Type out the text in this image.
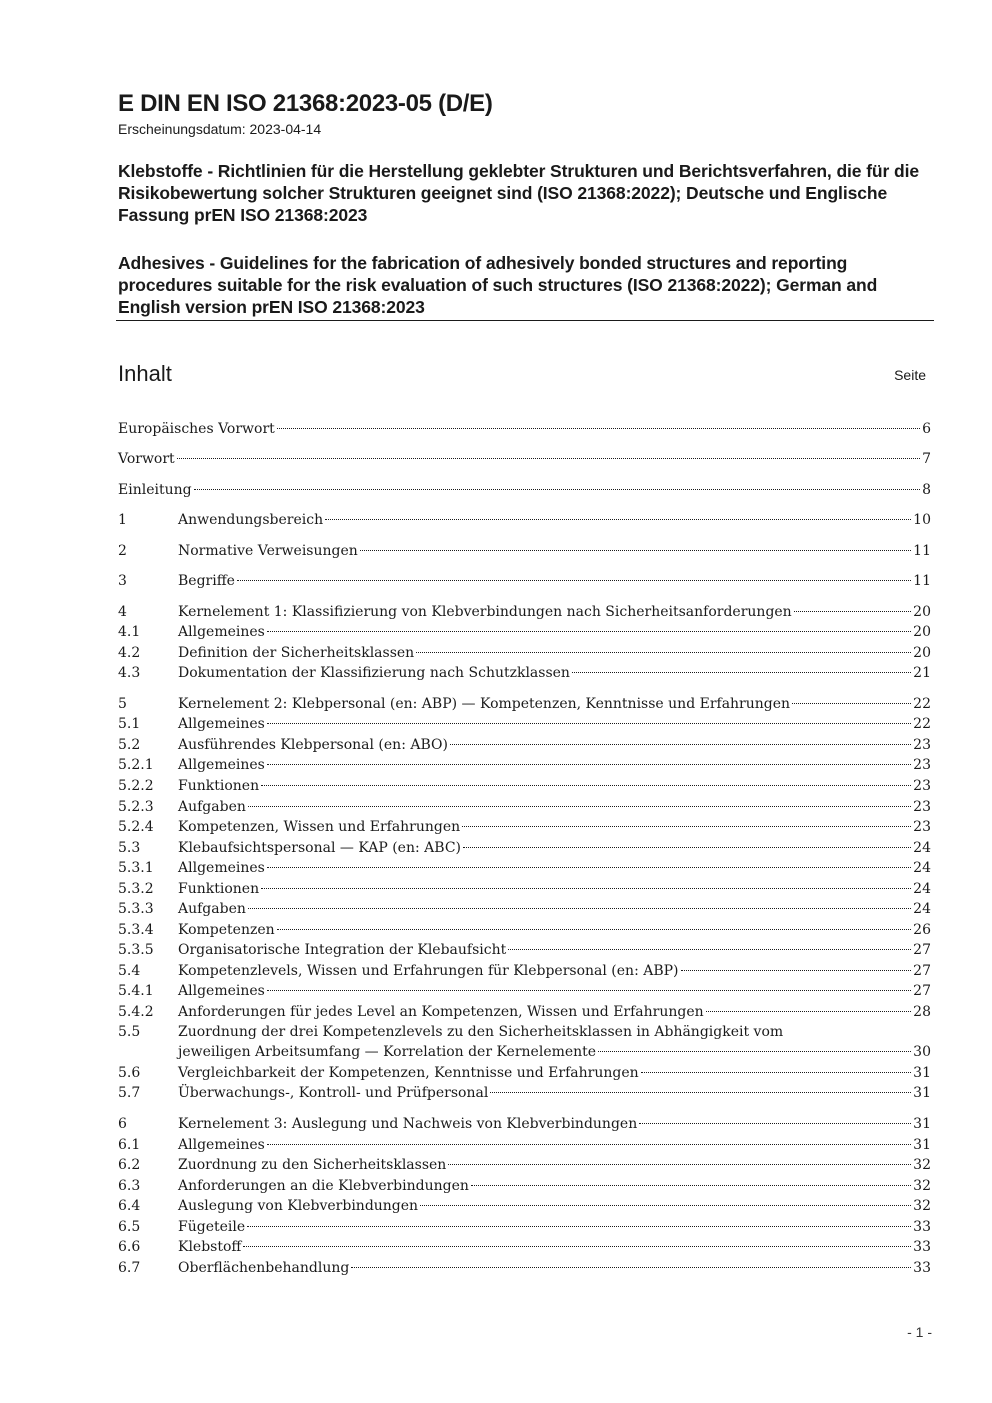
E DIN EN ISO 21368:2023-05 (D/E)
Erscheinungsdatum: 2023-04-14
Klebstoffe - Richtlinien für die Herstellung geklebter Strukturen und Berichtsverfahren, die für die Risikobewertung solcher Strukturen geeignet sind (ISO 21368:2022); Deutsche und Englische Fassung prEN ISO 21368:2023
Adhesives - Guidelines for the fabrication of adhesively bonded structures and reporting procedures suitable for the risk evaluation of such structures (ISO 21368:2022); German and English version prEN ISO 21368:2023
Inhalt	Seite
Europäisches Vorwort	6
Vorwort	7
Einleitung	8
1	Anwendungsbereich	10
2	Normative Verweisungen	11
3	Begriffe	11
4	Kernelement 1: Klassifizierung von Klebverbindungen nach Sicherheitsanforderungen	20
4.1	Allgemeines	20
4.2	Definition der Sicherheitsklassen	20
4.3	Dokumentation der Klassifizierung nach Schutzklassen	21
5	Kernelement 2: Klebpersonal (en: ABP) — Kompetenzen, Kenntnisse und Erfahrungen	22
5.1	Allgemeines	22
5.2	Ausführendes Klebpersonal (en: ABO)	23
5.2.1 Allgemeines	23
5.2.2 Funktionen	23
5.2.3 Aufgaben	23
5.2.4 Kompetenzen, Wissen und Erfahrungen	23
5.3	Klebaufsichtspersonal — KAP (en: ABC)	24
5.3.1 Allgemeines	24
5.3.2 Funktionen	24
5.3.3 Aufgaben	24
5.3.4 Kompetenzen	26
5.3.5 Organisatorische Integration der Klebaufsicht	27
5.4	Kompetenzlevels, Wissen und Erfahrungen für Klebpersonal (en: ABP)	27
5.4.1 Allgemeines	27
5.4.2 Anforderungen für jedes Level an Kompetenzen, Wissen und Erfahrungen	28
5.5	Zuordnung der drei Kompetenzlevels zu den Sicherheitsklassen in Abhängigkeit vom
jeweiligen Arbeitsumfang — Korrelation der Kernelemente	30
5.6	Vergleichbarkeit der Kompetenzen, Kenntnisse und Erfahrungen	31
5.7	Überwachungs-, Kontroll- und Prüfpersonal	31
6	Kernelement 3: Auslegung und Nachweis von Klebverbindungen	31
6.1	Allgemeines	31
6.2	Zuordnung zu den Sicherheitsklassen	32
6.3	Anforderungen an die Klebverbindungen	32
6.4	Auslegung von Klebverbindungen	32
6.5	Fügeteile	33
6.6	Klebstoff	33
6.7	Oberflächenbehandlung	33
- 1 -
